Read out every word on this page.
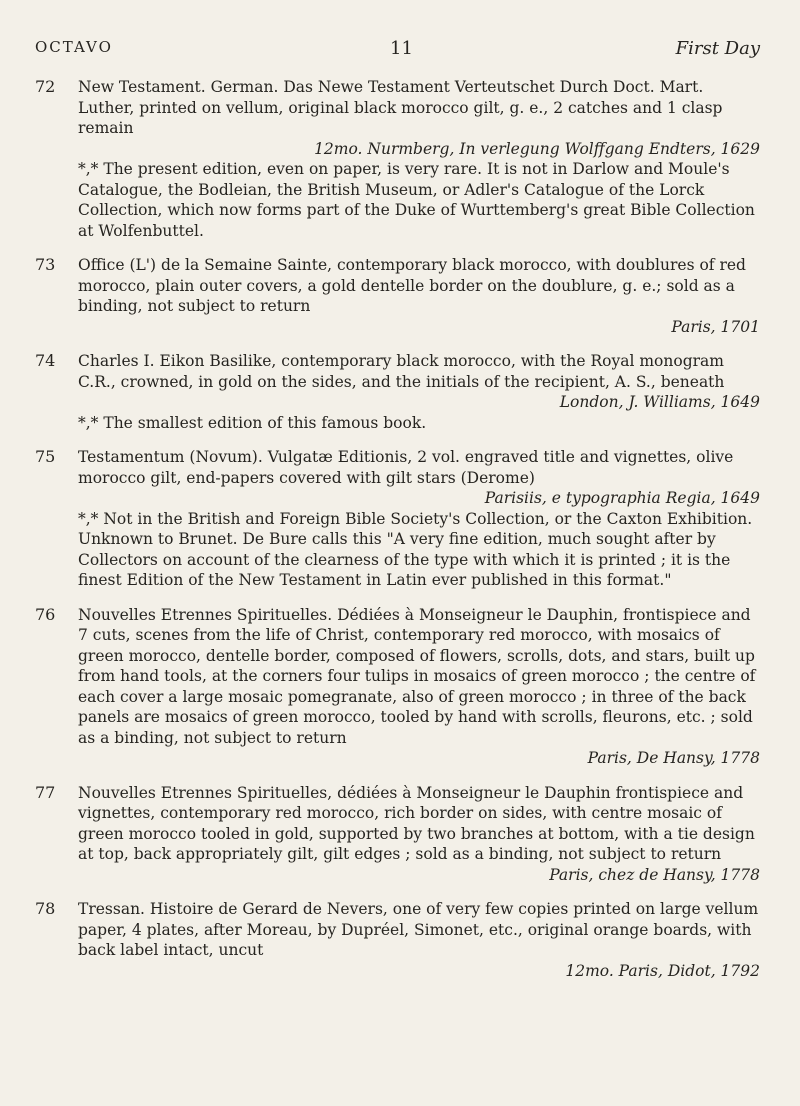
OCTAVO	11	First Day
72 New Testament. German. Das Newe Testament Verteutschet Durch Doct. Mart. Luther, printed on vellum, original black morocco gilt, g. e., 2 catches and 1 clasp remain
12mo. Nurmberg, In verlegung Wolffgang Endters, 1629
*,* The present edition, even on paper, is very rare. It is not in Darlow and Moule's Catalogue, the Bodleian, the British Museum, or Adler's Catalogue of the Lorck Collection, which now forms part of the Duke of Wurttemberg's great Bible Collection at Wolfenbuttel.
73 Office (L') de la Semaine Sainte, contemporary black morocco, with doublures of red morocco, plain outer covers, a gold dentelle border on the doublure, g. e.; sold as a binding, not subject to return
Paris, 1701
74 Charles I. Eikon Basilike, contemporary black morocco, with the Royal monogram C.R., crowned, in gold on the sides, and the initials of the recipient, A. S., beneath
London, J. Williams, 1649
*,* The smallest edition of this famous book.
75 Testamentum (Novum). Vulgatæ Editionis, 2 vol. engraved title and vignettes, olive morocco gilt, end-papers covered with gilt stars (Derome)
Parisiis, e typographia Regia, 1649
*,* Not in the British and Foreign Bible Society's Collection, or the Caxton Exhibition. Unknown to Brunet. De Bure calls this "A very fine edition, much sought after by Collectors on account of the clearness of the type with which it is printed ; it is the finest Edition of the New Testament in Latin ever published in this format."
76 Nouvelles Etrennes Spirituelles. Dédiées à Monseigneur le Dauphin, frontispiece and 7 cuts, scenes from the life of Christ, contemporary red morocco, with mosaics of green morocco, dentelle border, composed of flowers, scrolls, dots, and stars, built up from hand tools, at the corners four tulips in mosaics of green morocco ; the centre of each cover a large mosaic pomegranate, also of green morocco ; in three of the back panels are mosaics of green morocco, tooled by hand with scrolls, fleurons, etc. ; sold as a binding, not subject to return
Paris, De Hansy, 1778
77 Nouvelles Etrennes Spirituelles, dédiées à Monseigneur le Dauphin frontispiece and vignettes, contemporary red morocco, rich border on sides, with centre mosaic of green morocco tooled in gold, supported by two branches at bottom, with a tie design at top, back appropriately gilt, gilt edges ; sold as a binding, not subject to return
Paris, chez de Hansy, 1778
78 Tressan. Histoire de Gerard de Nevers, one of very few copies printed on large vellum paper, 4 plates, after Moreau, by Dupréel, Simonet, etc., original orange boards, with back label intact, uncut
12mo. Paris, Didot, 1792
